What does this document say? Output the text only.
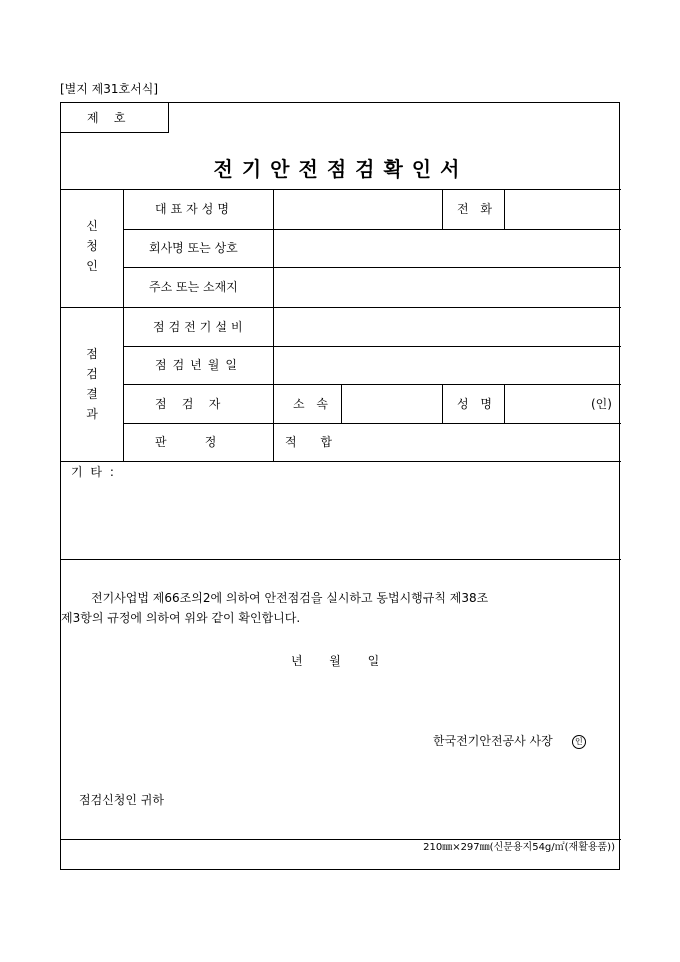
[별지 제31호서식]
제    호
전기안전점검확인서
신
청
인
대표자성명	전 화
회사명 또는 상호
주소 또는 소재지
점
검
결
과
점검전기설비
점검년월일
점    검    자	소 속	성 명	(인)
판          정	적 합
기 타 :
전기사업법 제66조의2에 의하여 안전점검을 실시하고 동법시행규칙 제38조
제3항의 규정에 의하여 위와 같이 확인합니다.
년       월       일
한국전기안전공사 사장	인
점검신청인 귀하
210㎜×297㎜(신문용지54g/㎡(재활용품))
